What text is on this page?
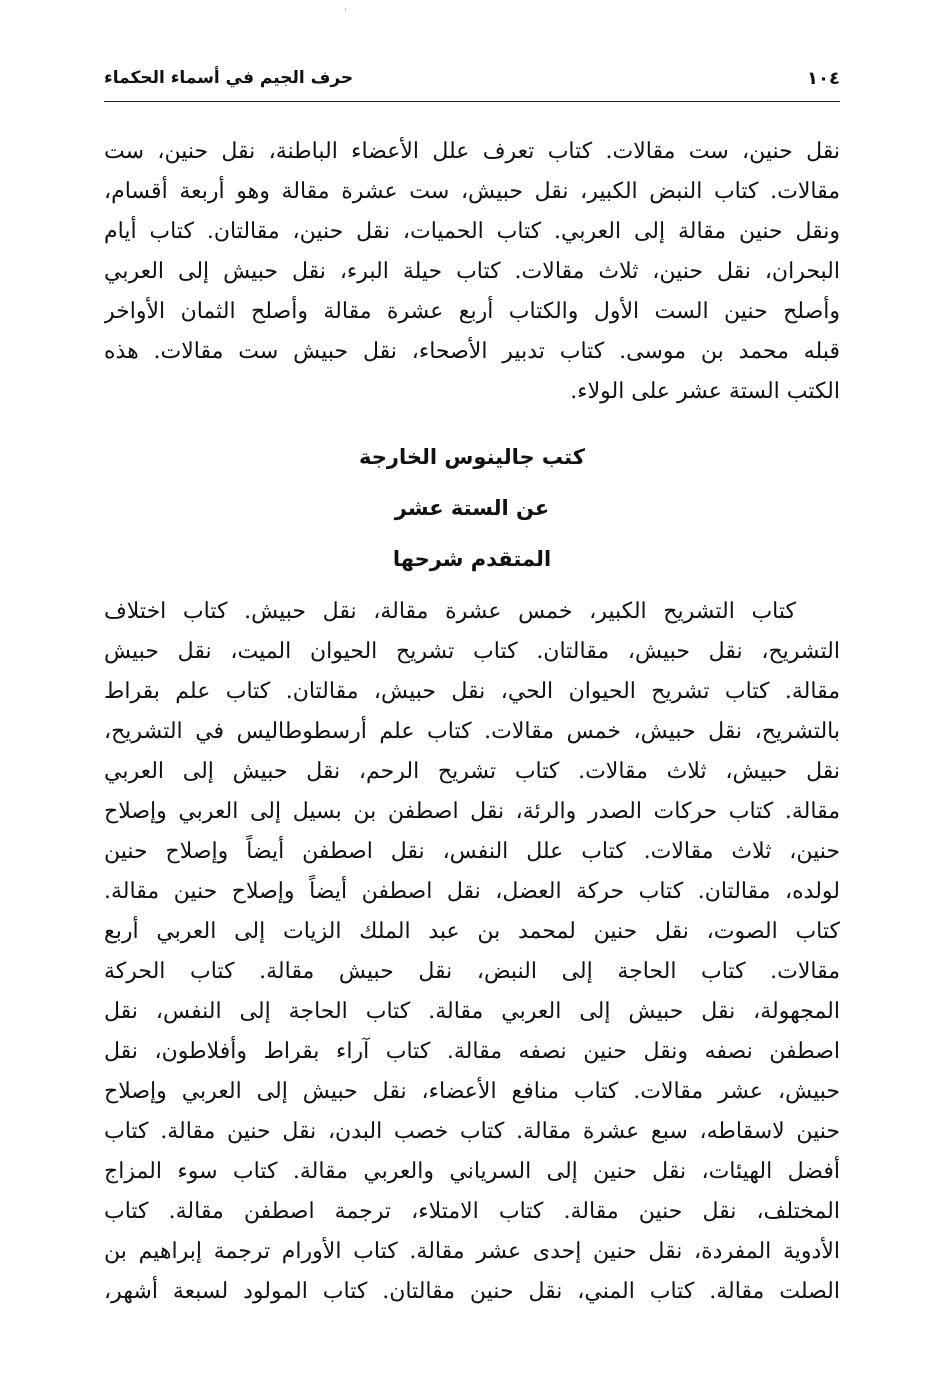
١٠٤
حرف الجيم في أسماء الحكماء
نقل حنين، ست مقالات. كتاب تعرف علل الأعضاء الباطنة، نقل حنين، ست
مقالات. كتاب النبض الكبير، نقل حبيش، ست عشرة مقالة وهو أربعة أقسام،
ونقل حنين مقالة إلى العربي. كتاب الحميات، نقل حنين، مقالتان. كتاب أيام
البحران، نقل حنين، ثلاث مقالات. كتاب حيلة البرء، نقل حبيش إلى العربي
وأصلح حنين الست الأول والكتاب أربع عشرة مقالة وأصلح الثمان الأواخر
قبله محمد بن موسى. كتاب تدبير الأصحاء، نقل حبيش ست مقالات. هذه
الكتب الستة عشر على الولاء.
كتب جالينوس الخارجة
عن الستة عشر
المتقدم شرحها
كتاب التشريح الكبير، خمس عشرة مقالة، نقل حبيش. كتاب اختلاف
التشريح، نقل حبيش، مقالتان. كتاب تشريح الحيوان الميت، نقل حبيش
مقالة. كتاب تشريح الحيوان الحي، نقل حبيش، مقالتان. كتاب علم بقراط
بالتشريح، نقل حبيش، خمس مقالات. كتاب علم أرسطوطاليس في التشريح،
نقل حبيش، ثلاث مقالات. كتاب تشريح الرحم، نقل حبيش إلى العربي
مقالة. كتاب حركات الصدر والرئة، نقل اصطفن بن بسيل إلى العربي وإصلاح
حنين، ثلاث مقالات. كتاب علل النفس، نقل اصطفن أيضاً وإصلاح حنين
لولده، مقالتان. كتاب حركة العضل، نقل اصطفن أيضاً وإصلاح حنين مقالة.
كتاب الصوت، نقل حنين لمحمد بن عبد الملك الزيات إلى العربي أربع
مقالات. كتاب الحاجة إلى النبض، نقل حبيش مقالة. كتاب الحركة
المجهولة، نقل حبيش إلى العربي مقالة. كتاب الحاجة إلى النفس، نقل
اصطفن نصفه ونقل حنين نصفه مقالة. كتاب آراء بقراط وأفلاطون، نقل
حبيش، عشر مقالات. كتاب منافع الأعضاء، نقل حبيش إلى العربي وإصلاح
حنين لاسقاطه، سبع عشرة مقالة. كتاب خصب البدن، نقل حنين مقالة. كتاب
أفضل الهيئات، نقل حنين إلى السرياني والعربي مقالة. كتاب سوء المزاج
المختلف، نقل حنين مقالة. كتاب الامتلاء، ترجمة اصطفن مقالة. كتاب
الأدوية المفردة، نقل حنين إحدى عشر مقالة. كتاب الأورام ترجمة إبراهيم بن
الصلت مقالة. كتاب المني، نقل حنين مقالتان. كتاب المولود لسبعة أشهر،
